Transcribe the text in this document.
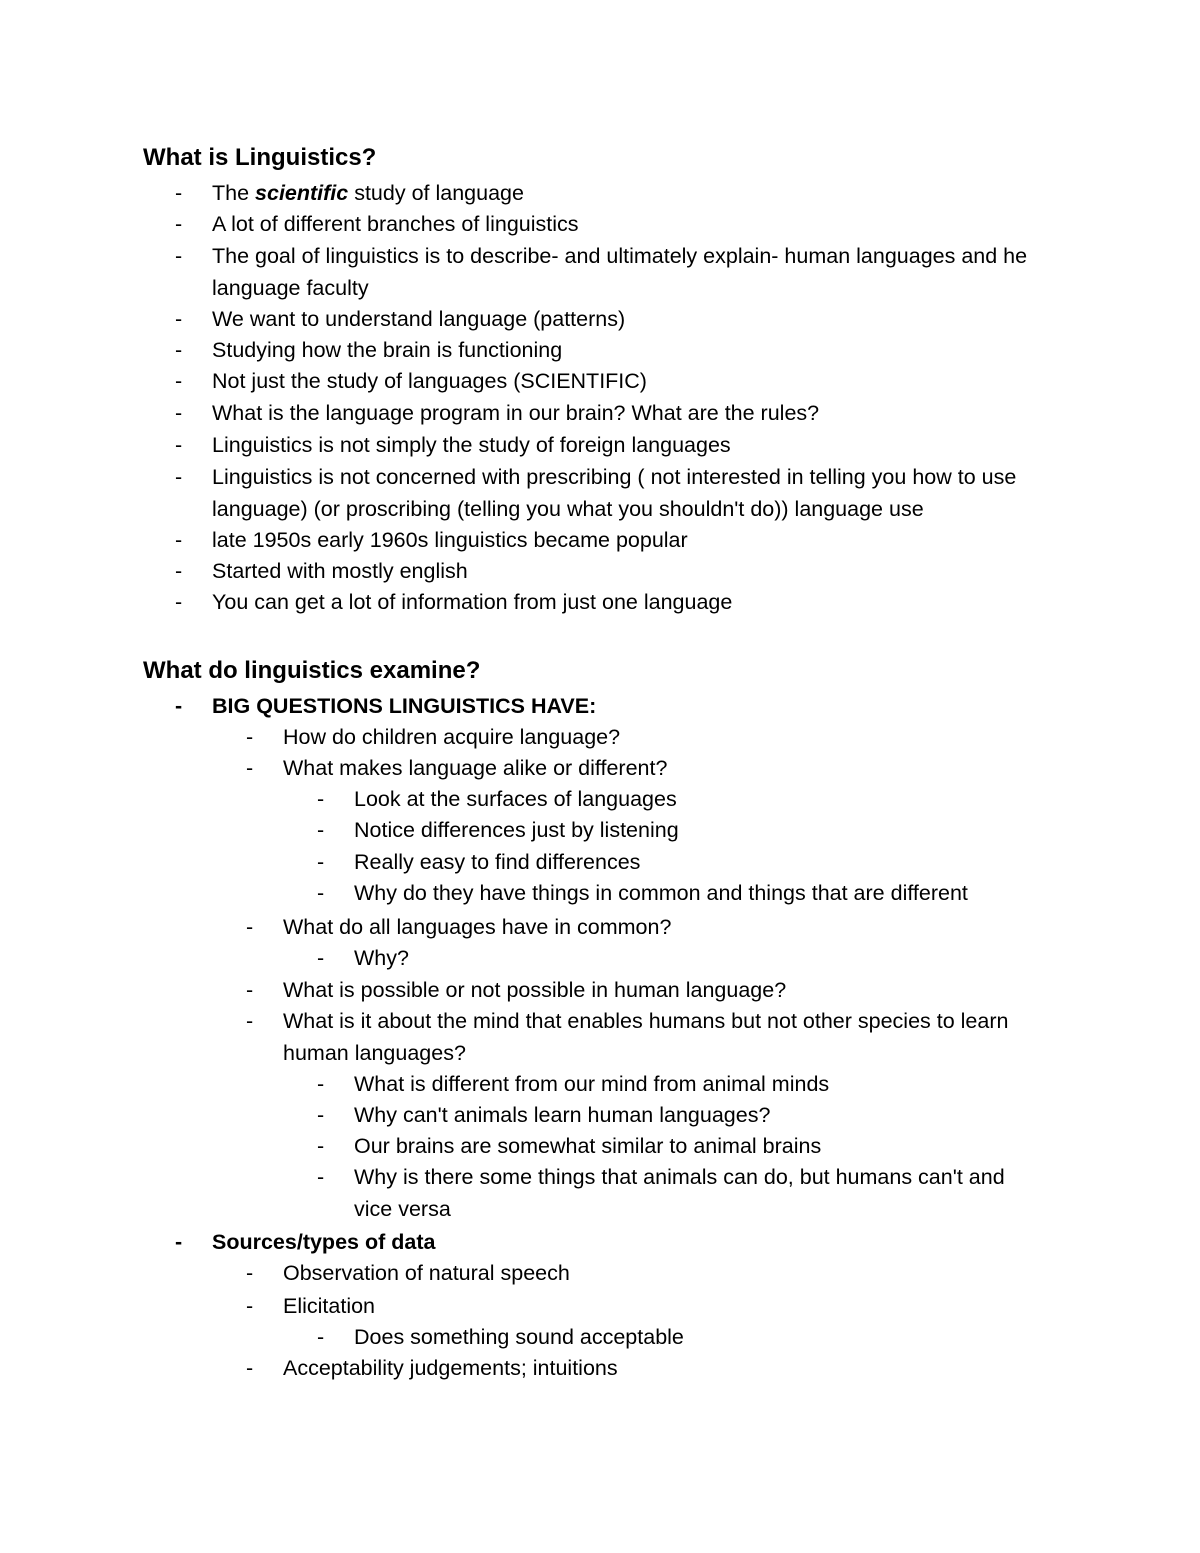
What is Linguistics?
- The scientific study of language
- A lot of different branches of linguistics
- The goal of linguistics is to describe- and ultimately explain- human languages and he language faculty
- We want to understand language (patterns)
- Studying how the brain is functioning
- Not just the study of languages (SCIENTIFIC)
- What is the language program in our brain? What are the rules?
- Linguistics is not simply the study of foreign languages
- Linguistics is not concerned with prescribing ( not interested in telling you how to use language) (or proscribing (telling you what you shouldn't do)) language use
- late 1950s early 1960s linguistics became popular
- Started with mostly english
- You can get a lot of information from just one language
What do linguistics examine?
- BIG QUESTIONS LINGUISTICS HAVE:
- How do children acquire language?
- What makes language alike or different?
- Look at the surfaces of languages
- Notice differences just by listening
- Really easy to find differences
- Why do they have things in common and things that are different
- What do all languages have in common?
- Why?
- What is possible or not possible in human language?
- What is it about the mind that enables humans but not other species to learn human languages?
- What is different from our mind from animal minds
- Why can't animals learn human languages?
- Our brains are somewhat similar to animal brains
- Why is there some things that animals can do, but humans can't and vice versa
- Sources/types of data
- Observation of natural speech
- Elicitation
- Does something sound acceptable
- Acceptability judgements; intuitions
